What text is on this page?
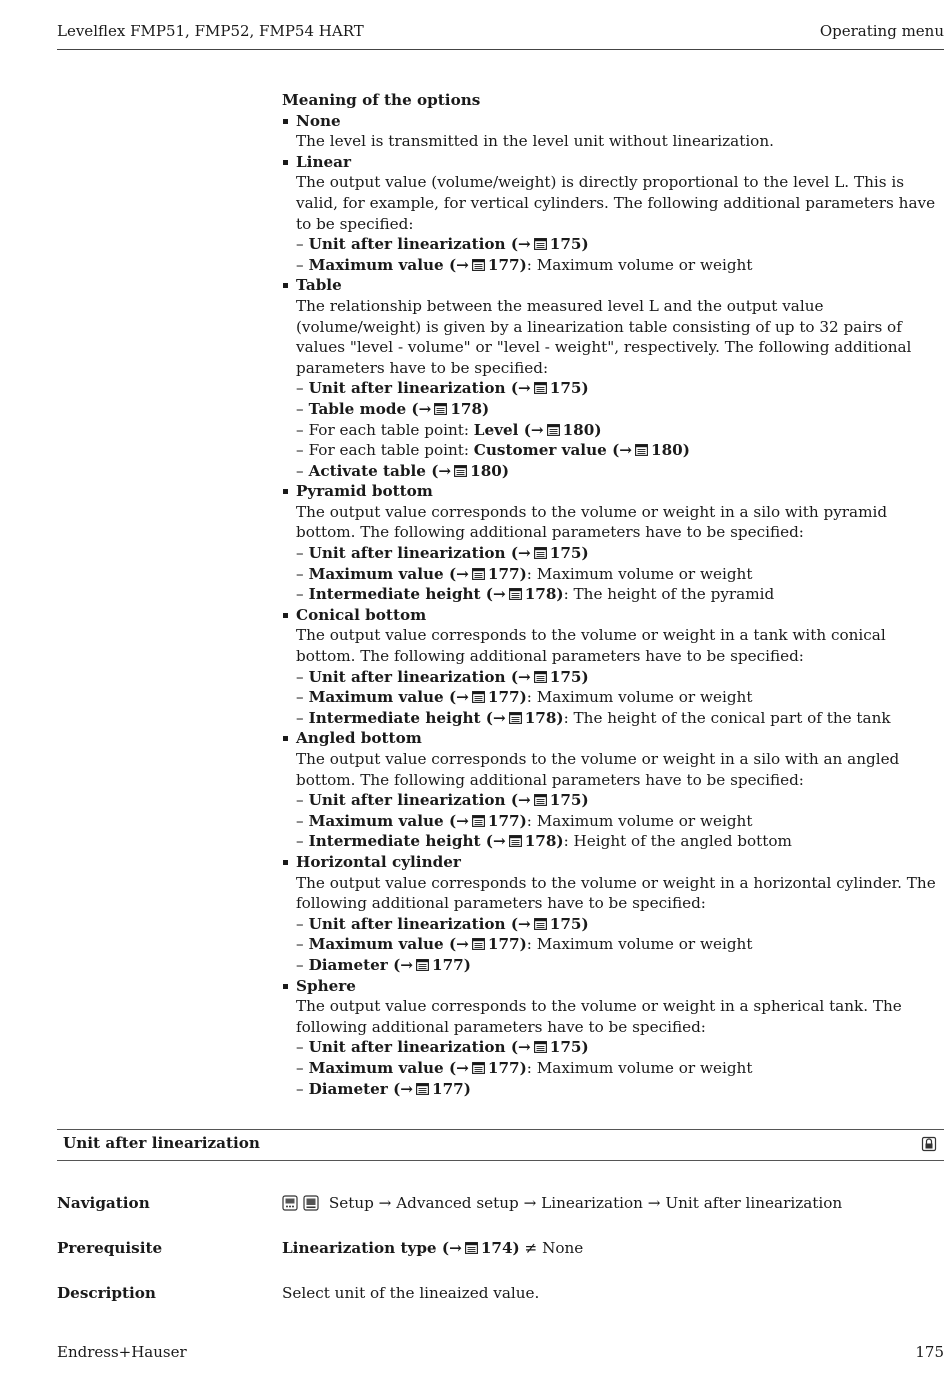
Levelflex FMP51, FMP52, FMP54 HART	Operating menu
Meaning of the options
None
The level is transmitted in the level unit without linearization.
Linear
The output value (volume/weight) is directly proportional to the level L. This is valid, for example, for vertical cylinders. The following additional parameters have to be specified:
– Unit after linearization (→ 175)
– Maximum value (→ 177): Maximum volume or weight
Table
The relationship between the measured level L and the output value (volume/weight) is given by a linearization table consisting of up to 32 pairs of values "level - volume" or "level - weight", respectively. The following additional parameters have to be specified:
– Unit after linearization (→ 175)
– Table mode (→ 178)
– For each table point: Level (→ 180)
– For each table point: Customer value (→ 180)
– Activate table (→ 180)
Pyramid bottom
The output value corresponds to the volume or weight in a silo with pyramid bottom. The following additional parameters have to be specified:
– Unit after linearization (→ 175)
– Maximum value (→ 177): Maximum volume or weight
– Intermediate height (→ 178): The height of the pyramid
Conical bottom
The output value corresponds to the volume or weight in a tank with conical bottom. The following additional parameters have to be specified:
– Unit after linearization (→ 175)
– Maximum value (→ 177): Maximum volume or weight
– Intermediate height (→ 178): The height of the conical part of the tank
Angled bottom
The output value corresponds to the volume or weight in a silo with an angled bottom. The following additional parameters have to be specified:
– Unit after linearization (→ 175)
– Maximum value (→ 177): Maximum volume or weight
– Intermediate height (→ 178): Height of the angled bottom
Horizontal cylinder
The output value corresponds to the volume or weight in a horizontal cylinder. The following additional parameters have to be specified:
– Unit after linearization (→ 175)
– Maximum value (→ 177): Maximum volume or weight
– Diameter (→ 177)
Sphere
The output value corresponds to the volume or weight in a spherical tank. The following additional parameters have to be specified:
– Unit after linearization (→ 175)
– Maximum value (→ 177): Maximum volume or weight
– Diameter (→ 177)
Unit after linearization
Navigation	Setup → Advanced setup → Linearization → Unit after linearization
Prerequisite	Linearization type (→ 174) ≠ None
Description	Select unit of the lineaized value.
Endress+Hauser	175
